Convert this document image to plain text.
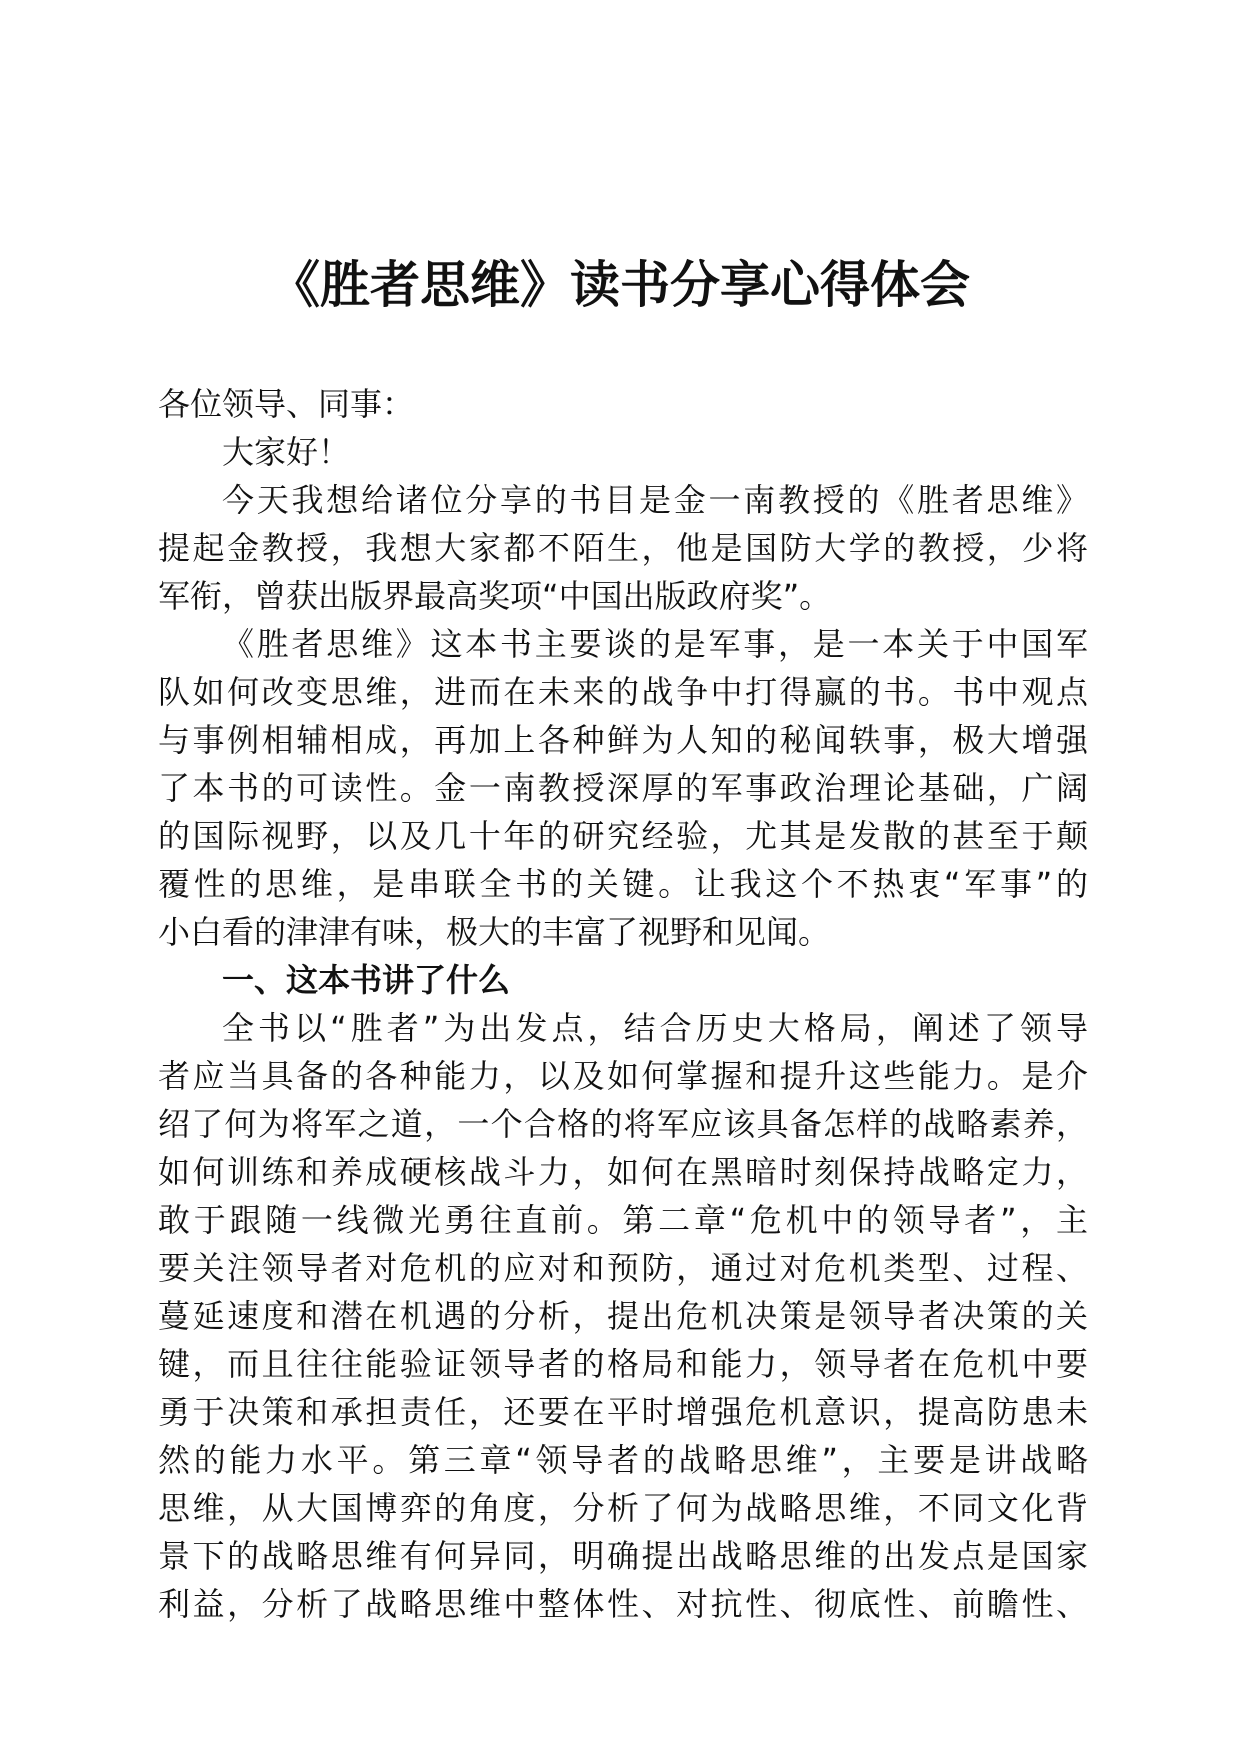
《胜者思维》读书分享心得体会
各位领导、同事：
大家好！
今天我想给诸位分享的书目是金一南教授的《胜者思维》
提起金教授，我想大家都不陌生，他是国防大学的教授，少将
军衔，曾获出版界最高奖项“中国出版政府奖”。
《胜者思维》这本书主要谈的是军事，是一本关于中国军
队如何改变思维，进而在未来的战争中打得赢的书。书中观点
与事例相辅相成，再加上各种鲜为人知的秘闻轶事，极大增强
了本书的可读性。金一南教授深厚的军事政治理论基础，广阔
的国际视野，以及几十年的研究经验，尤其是发散的甚至于颠
覆性的思维，是串联全书的关键。让我这个不热衷“军事”的
小白看的津津有味，极大的丰富了视野和见闻。
一、这本书讲了什么
全书以“胜者”为出发点，结合历史大格局，阐述了领导
者应当具备的各种能力，以及如何掌握和提升这些能力。是介
绍了何为将军之道，一个合格的将军应该具备怎样的战略素养，
如何训练和养成硬核战斗力，如何在黑暗时刻保持战略定力，
敢于跟随一线微光勇往直前。第二章“危机中的领导者”，主
要关注领导者对危机的应对和预防，通过对危机类型、过程、
蔓延速度和潜在机遇的分析，提出危机决策是领导者决策的关
键，而且往往能验证领导者的格局和能力，领导者在危机中要
勇于决策和承担责任，还要在平时增强危机意识，提高防患未
然的能力水平。第三章“领导者的战略思维”，主要是讲战略
思维，从大国博弈的角度，分析了何为战略思维，不同文化背
景下的战略思维有何异同，明确提出战略思维的出发点是国家
利益，分析了战略思维中整体性、对抗性、彻底性、前瞻性、
